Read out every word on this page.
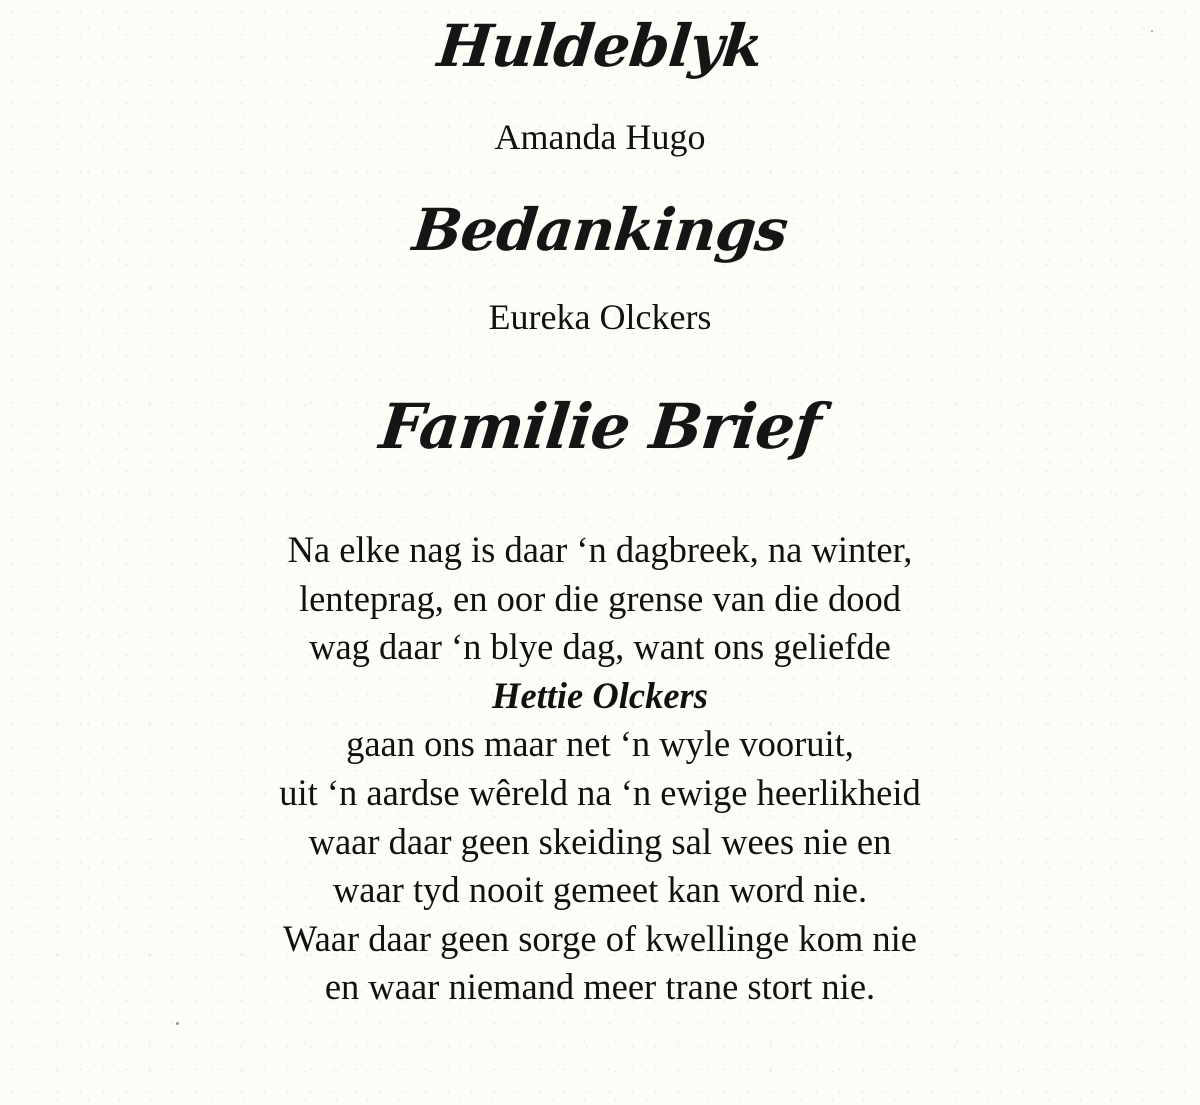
Huldeblyk
Amanda Hugo
Bedankings
Eureka Olckers
Familie Brief
Na elke nag is daar ‘n dagbreek, na winter,
lenteprag, en oor die grense van die dood
wag daar ‘n blye dag, want ons geliefde
Hettie Olckers
gaan ons maar net ‘n wyle vooruit,
uit ‘n aardse wêreld na ‘n ewige heerlikheid
waar daar geen skeiding sal wees nie en
waar tyd nooit gemeet kan word nie.
Waar daar geen sorge of kwellinge kom nie
en waar niemand meer trane stort nie.
